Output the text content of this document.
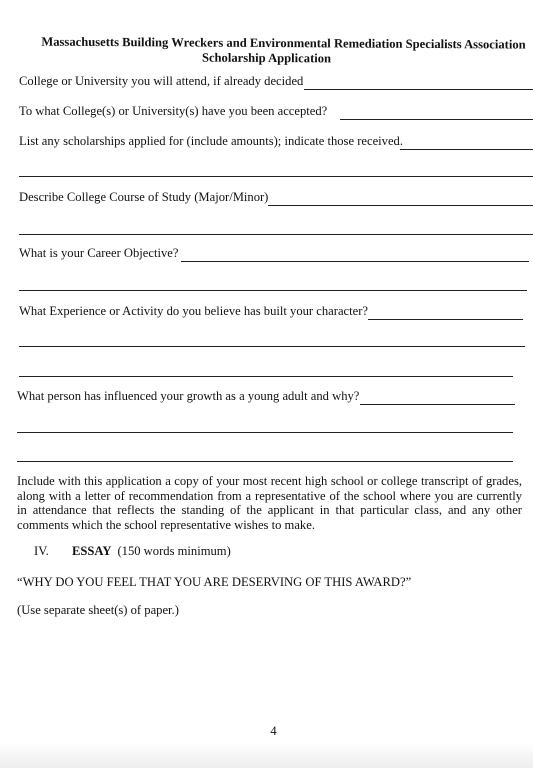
Massachusetts Building Wreckers and Environmental Remediation Specialists Association
Scholarship Application
College or University you will attend, if already decided
To what College(s) or University(s) have you been accepted?
List any scholarships applied for (include amounts); indicate those received.
Describe College Course of Study (Major/Minor)
What is your Career Objective?
What Experience or Activity do you believe has built your character?
What person has influenced your growth as a young adult and why?
Include with this application a copy of your most recent high school or college transcript of grades, along with a letter of recommendation from a representative of the school where you are currently in attendance that reflects the standing of the applicant in that particular class, and any other comments which the school representative wishes to make.
IV. ESSAY (150 words minimum)
“WHY DO YOU FEEL THAT YOU ARE DESERVING OF THIS AWARD?”
(Use separate sheet(s) of paper.)
4
